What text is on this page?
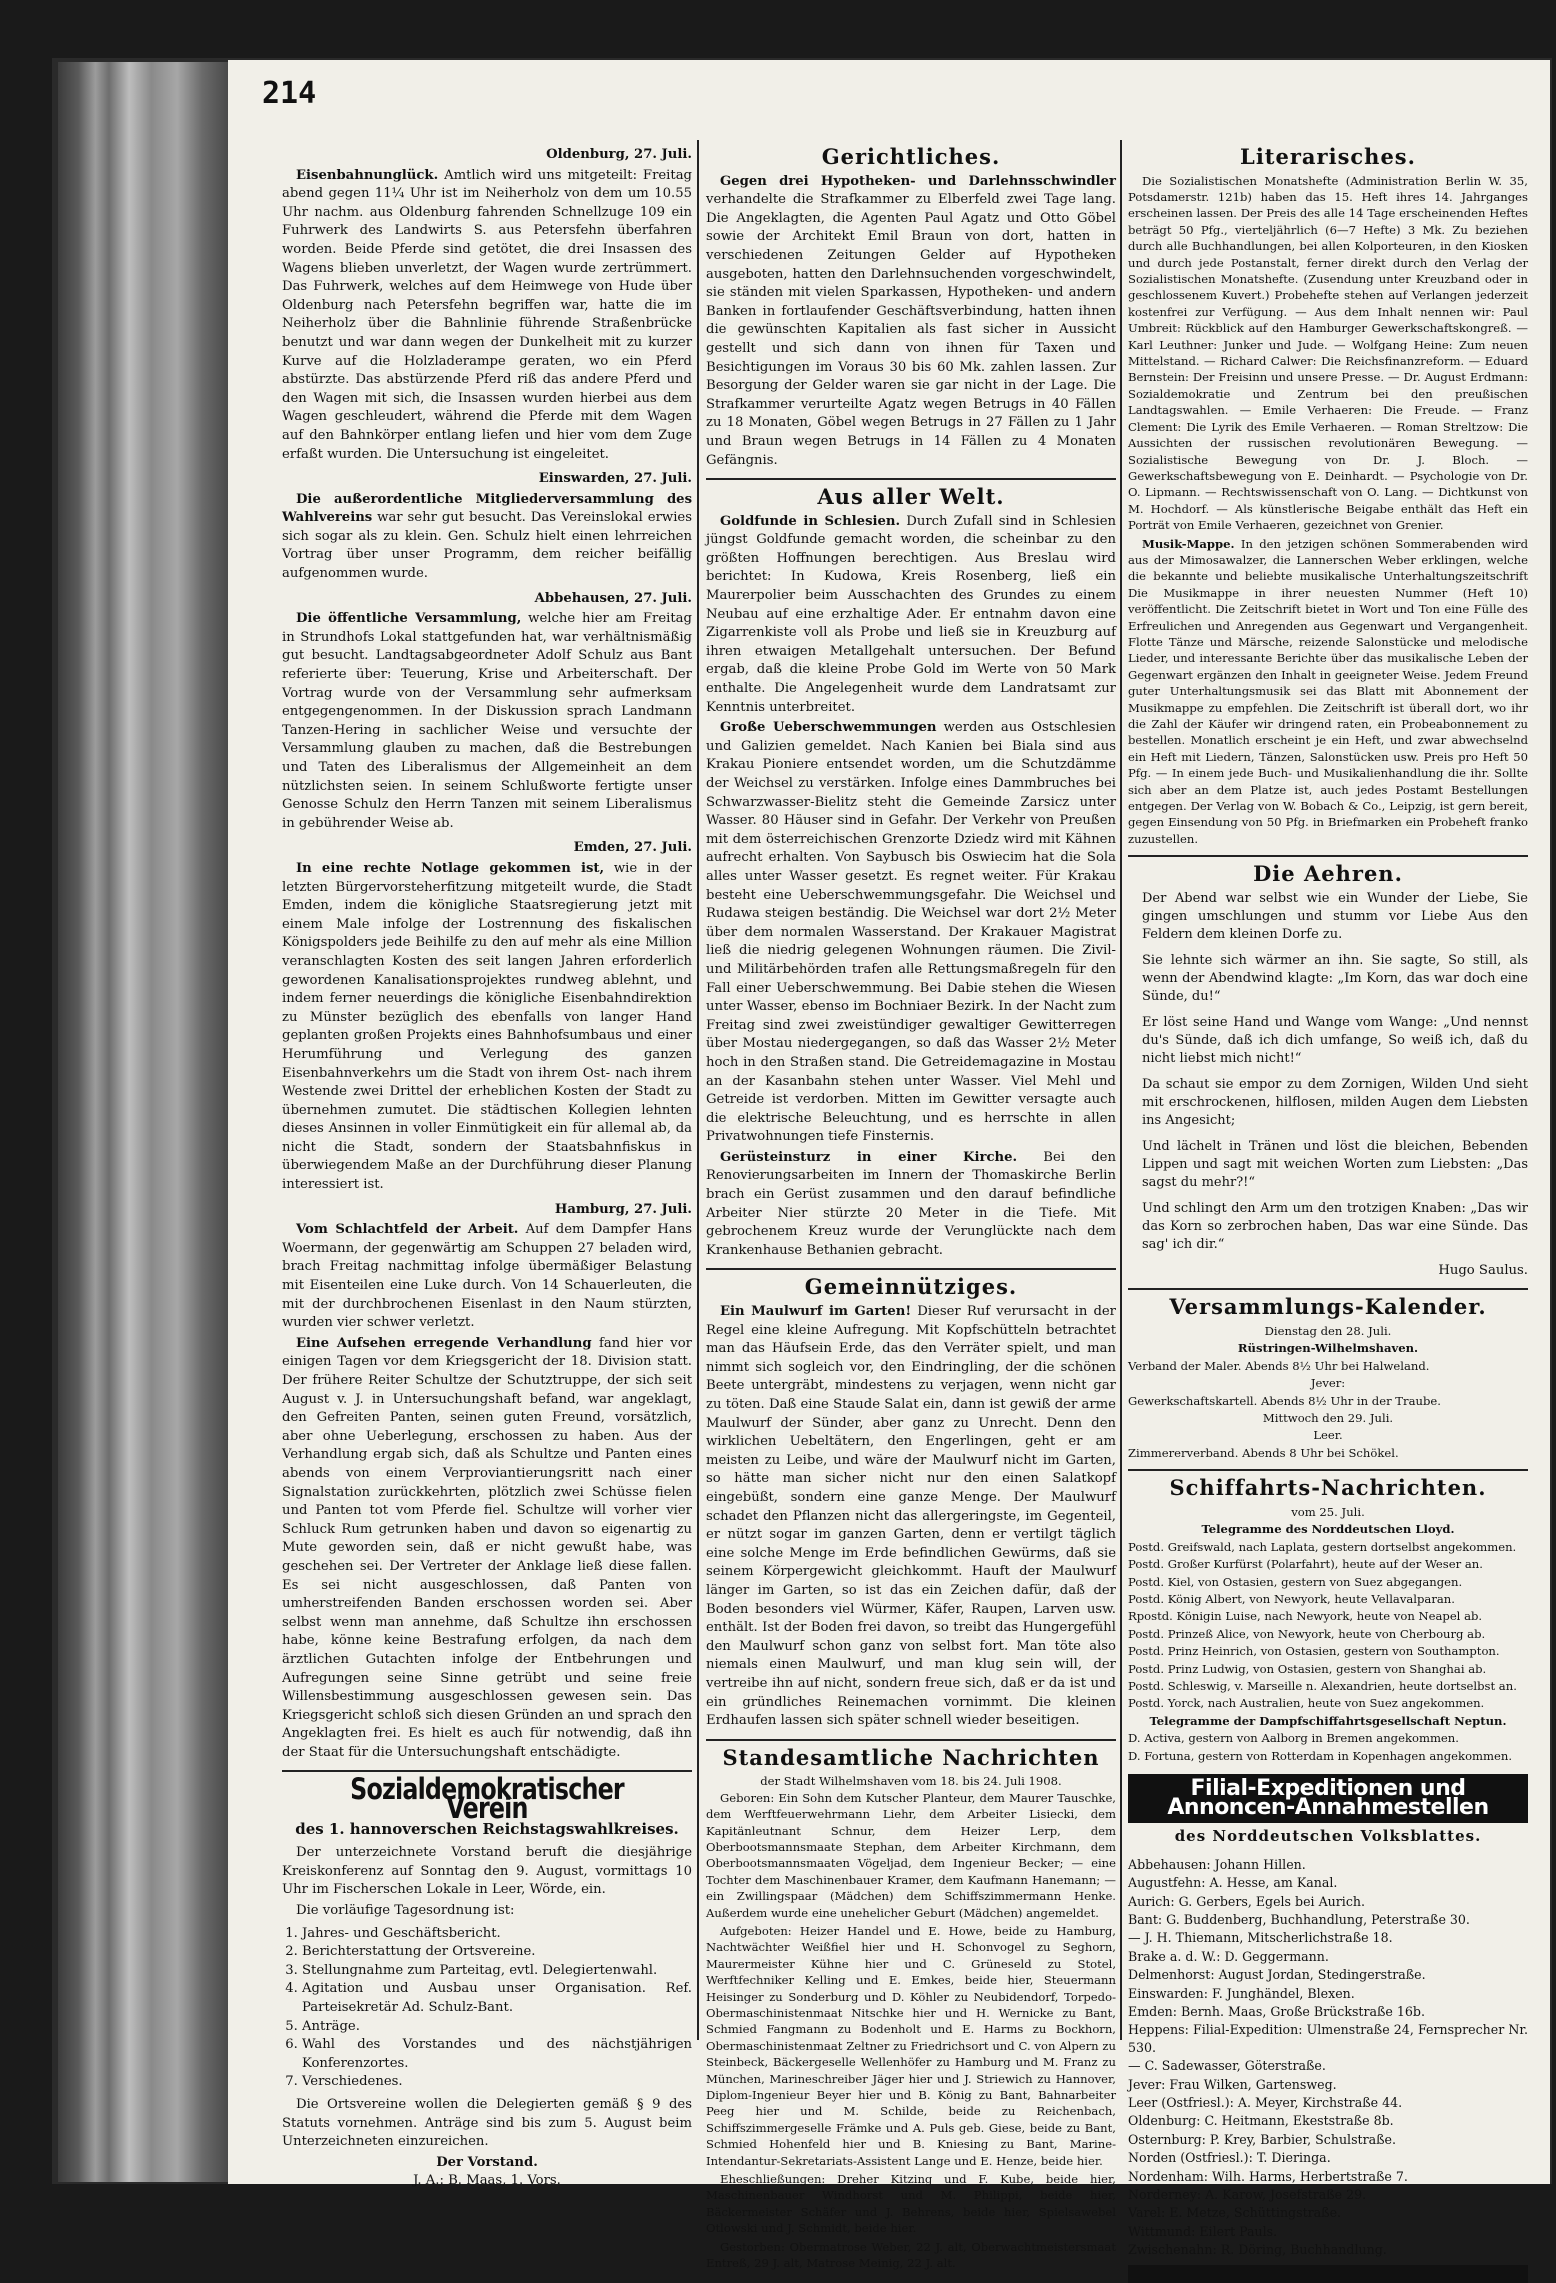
214
Oldenburg, 27. Juli.

Eisenbahnunglück. Amtlich wird uns mitgeteilt: Freitag abend gegen 11¼ Uhr ist im Neiherholz von dem um 10.55 Uhr nachm. aus Oldenburg fahrenden Schnellzuge 109 ein Fuhrwerk des Landwirts S. aus Petersfehn überfahren worden. Beide Pferde sind getötet, die drei Insassen des Wagens blieben unverletzt, der Wagen wurde zertrümmert. Das Fuhrwerk, welches auf dem Heimwege von Hude über Oldenburg nach Petersfehn begriffen war, hatte die im Neiherholz über die Bahnlinie führende Straßenbrücke benutzt und war dann wegen der Dunkelheit mit zu kurzer Kurve auf die Holzladerampe geraten, wo ein Pferd abstürzte. Das abstürzende Pferd riß das andere Pferd und den Wagen mit sich, die Insassen wurden hierbei aus dem Wagen geschleudert, während die Pferde mit dem Wagen auf den Bahnkörper entlang liefen und hier vom dem Zuge erfaßt wurden. Die Untersuchung ist eingeleitet.

Einswarden, 27. Juli.

Die außerordentliche Mitgliederversammlung des Wahlvereins war sehr gut besucht. Das Vereinslokal erwies sich sogar als zu klein. Gen. Schulz hielt einen lehrreichen Vortrag über unser Programm, dem reicher beifällig aufgenommen wurde.

Abbehausen, 27. Juli.

Die öffentliche Versammlung, welche hier am Freitag in Strundhofs Lokal stattgefunden hat, war verhältnismäßig gut besucht. Landtagsabgeordneter Adolf Schulz aus Bant referierte über: Teuerung, Krise und Arbeiterschaft. Der Vortrag wurde von der Versammlung sehr aufmerksam entgegengenommen. In der Diskussion sprach Landmann Tanzen-Hering in sachlicher Weise und versuchte der Versammlung glauben zu machen, daß die Bestrebungen und Taten des Liberalismus der Allgemeinheit an dem nützlichsten seien. In seinem Schlußworte fertigte unser Genosse Schulz den Herrn Tanzen mit seinem Liberalismus in gebührender Weise ab.

Emden, 27. Juli.

In eine rechte Notlage gekommen ist, wie in der letzten Bürgervorsteherfitzung mitgeteilt wurde, die Stadt Emden, indem die königliche Staatsregierung jetzt mit einem Male infolge der Lostrennung des fiskalischen Königspolders jede Beihilfe zu den auf mehr als eine Million veranschlagten Kosten des seit langen Jahren erforderlich gewordenen Kanalisationsprojektes rundweg ablehnt, und indem ferner neuerdings die königliche Eisenbahndirektion zu Münster bezüglich des ebenfalls von langer Hand geplanten großen Projekts eines Bahnhofsumbaus und einer Herumführung und Verlegung des ganzen Eisenbahnverkehrs um die Stadt von ihrem Ost- nach ihrem Westende zwei Drittel der erheblichen Kosten der Stadt zu übernehmen zumutet. Die städtischen Kollegien lehnten dieses Ansinnen in voller Einmütigkeit ein für allemal ab, da nicht die Stadt, sondern der Staatsbahnfiskus in überwiegendem Maße an der Durchführung dieser Planung interessiert ist.

Hamburg, 27. Juli.

Vom Schlachtfeld der Arbeit. Auf dem Dampfer Hans Woermann, der gegenwärtig am Schuppen 27 beladen wird, brach Freitag nachmittag infolge übermäßiger Belastung mit Eisenteilen eine Luke durch. Von 14 Schauerleuten, die mit der durchbrochenen Eisenlast in den Naum stürzten, wurden vier schwer verletzt.

Eine Aufsehen erregende Verhandlung fand hier vor einigen Tagen vor dem Kriegsgericht der 18. Division statt. Der frühere Reiter Schultze der Schutztruppe, der sich seit August v. J. in Untersuchungshaft befand, war angeklagt, den Gefreiten Panten, seinen guten Freund, vorsätzlich, aber ohne Ueberlegung, erschossen zu haben. Aus der Verhandlung ergab sich, daß als Schultze und Panten eines abends von einem Verproviantierungsritt nach einer Signalstation zurückkehrten, plötzlich zwei Schüsse fielen und Panten tot vom Pferde fiel. Schultze will vorher vier Schluck Rum getrunken haben und davon so eigenartig zu Mute geworden sein, daß er nicht gewußt habe, was geschehen sei. Der Vertreter der Anklage ließ diese fallen. Es sei nicht ausgeschlossen, daß Panten von umherstreifenden Banden erschossen worden sei. Aber selbst wenn man annehme, daß Schultze ihn erschossen habe, könne keine Bestrafung erfolgen, da nach dem ärztlichen Gutachten infolge der Entbehrungen und Aufregungen seine Sinne getrübt und seine freie Willensbestimmung ausgeschlossen gewesen sein. Das Kriegsgericht schloß sich diesen Gründen an und sprach den Angeklagten frei. Es hielt es auch für notwendig, daß ihn der Staat für die Untersuchungshaft entschädigte.

Sozialdemokratischer Verein
des 1. hannoverschen Reichstagswahlkreises.

Der unterzeichnete Vorstand beruft die diesjährige Kreiskonferenz auf Sonntag den 9. August, vormittags 10 Uhr im Fischerschen Lokale in Leer, Wörde, ein.

Die vorläufige Tagesordnung ist:

1. Jahres- und Geschäftsbericht.
2. Berichterstattung der Ortsvereine.
3. Stellungnahme zum Parteitag, evtl. Delegiertenwahl.
4. Agitation und Ausbau unser Organisation. Ref. Parteisekretär Ad. Schulz-Bant.
5. Anträge.
6. Wahl des Vorstandes und des nächstjährigen Konferenzortes.
7. Verschiedenes.

Die Ortsvereine wollen die Delegierten gemäß § 9 des Statuts vornehmen. Anträge sind bis zum 5. August beim Unterzeichneten einzureichen.

Der Vorstand.
J. A.: B. Maas, 1. Vors.
Gerichtliches.

Gegen drei Hypotheken- und Darlehnsschwindler verhandelte die Strafkammer zu Elberfeld zwei Tage lang. Die Angeklagten, die Agenten Paul Agatz und Otto Göbel sowie der Architekt Emil Braun von dort, hatten in verschiedenen Zeitungen Gelder auf Hypotheken ausgeboten, hatten den Darlehnsuchenden vorgeschwindelt, sie ständen mit vielen Sparkassen, Hypotheken- und andern Banken in fortlaufender Geschäftsverbindung, hatten ihnen die gewünschten Kapitalien als fast sicher in Aussicht gestellt und sich dann von ihnen für Taxen und Besichtigungen im Voraus 30 bis 60 Mk. zahlen lassen. Zur Besorgung der Gelder waren sie gar nicht in der Lage. Die Strafkammer verurteilte Agatz wegen Betrugs in 40 Fällen zu 18 Monaten, Göbel wegen Betrugs in 27 Fällen zu 1 Jahr und Braun wegen Betrugs in 14 Fällen zu 4 Monaten Gefängnis.

Aus aller Welt.

Goldfunde in Schlesien. Durch Zufall sind in Schlesien jüngst Goldfunde gemacht worden, die scheinbar zu den größten Hoffnungen berechtigen. Aus Breslau wird berichtet: In Kudowa, Kreis Rosenberg, ließ ein Maurerpolier beim Ausschachten des Grundes zu einem Neubau auf eine erzhaltige Ader. Er entnahm davon eine Zigarrenkiste voll als Probe und ließ sie in Kreuzburg auf ihren etwaigen Metallgehalt untersuchen. Der Befund ergab, daß die kleine Probe Gold im Werte von 50 Mark enthalte. Die Angelegenheit wurde dem Landratsamt zur Kenntnis unterbreitet.

Große Ueberschwemmungen werden aus Ostschlesien und Galizien gemeldet. Nach Kanien bei Biala sind aus Krakau Pioniere entsendet worden, um die Schutzdämme der Weichsel zu verstärken. Infolge eines Dammbruches bei Schwarzwasser-Bielitz steht die Gemeinde Zarsicz unter Wasser. 80 Häuser sind in Gefahr. Der Verkehr von Preußen mit dem österreichischen Grenzorte Dziedz wird mit Kähnen aufrecht erhalten. Von Saybusch bis Oswiecim hat die Sola alles unter Wasser gesetzt. Es regnet weiter. Für Krakau besteht eine Ueberschwemmungsgefahr. Die Weichsel und Rudawa steigen beständig. Die Weichsel war dort 2½ Meter über dem normalen Wasserstand. Der Krakauer Magistrat ließ die niedrig gelegenen Wohnungen räumen. Die Zivil- und Militärbehörden trafen alle Rettungsmaßregeln für den Fall einer Ueberschwemmung. Bei Dabie stehen die Wiesen unter Wasser, ebenso im Bochniaer Bezirk. In der Nacht zum Freitag sind zwei zweistündiger gewaltiger Gewitterregen über Mostau niedergegangen, so daß das Wasser 2½ Meter hoch in den Straßen stand. Die Getreidemagazine in Mostau an der Kasanbahn stehen unter Wasser. Viel Mehl und Getreide ist verdorben. Mitten im Gewitter versagte auch die elektrische Beleuchtung, und es herrschte in allen Privatwohnungen tiefe Finsternis.

Gerüsteinsturz in einer Kirche. Bei den Renovierungsarbeiten im Innern der Thomaskirche Berlin brach ein Gerüst zusammen und den darauf befindliche Arbeiter Nier stürzte 20 Meter in die Tiefe. Mit gebrochenem Kreuz wurde der Verunglückte nach dem Krankenhause Bethanien gebracht.

Gemeinnütziges.

Ein Maulwurf im Garten! Dieser Ruf verursacht in der Regel eine kleine Aufregung. Mit Kopfschütteln betrachtet man das Häufsein Erde, das den Verräter spielt, und man nimmt sich sogleich vor, den Eindringling, der die schönen Beete untergräbt, mindestens zu verjagen, wenn nicht gar zu töten. Daß eine Staude Salat ein, dann ist gewiß der arme Maulwurf der Sünder, aber ganz zu Unrecht. Denn den wirklichen Uebeltätern, den Engerlingen, geht er am meisten zu Leibe, und wäre der Maulwurf nicht im Garten, so hätte man sicher nicht nur den einen Salatkopf eingebüßt, sondern eine ganze Menge. Der Maulwurf schadet den Pflanzen nicht das allergeringste, im Gegenteil, er nützt sogar im ganzen Garten, denn er vertilgt täglich eine solche Menge im Erde befindlichen Gewürms, daß sie seinem Körpergewicht gleichkommt. Hauft der Maulwurf länger im Garten, so ist das ein Zeichen dafür, daß der Boden besonders viel Würmer, Käfer, Raupen, Larven usw. enthält. Ist der Boden frei davon, so treibt das Hungergefühl den Maulwurf schon ganz von selbst fort. Man töte also niemals einen Maulwurf, und man klug sein will, der vertreibe ihn auf nicht, sondern freue sich, daß er da ist und ein gründliches Reinemachen vornimmt. Die kleinen Erdhaufen lassen sich später schnell wieder beseitigen.

Standesamtliche Nachrichten
der Stadt Wilhelmshaven vom 18. bis 24. Juli 1908.

Geboren: Ein Sohn dem Kutscher Planteur, dem Maurer Tauschke, dem Werftfeuerwehrmann Liehr, dem Arbeiter Lisiecki, dem Kapitänleutnant Schnur, dem Heizer Lerp, dem Oberbootsmannsmaate Stephan, dem Arbeiter Kirchmann, dem Oberbootsmannsmaaten Vögeljad, dem Ingenieur Becker; — eine Tochter dem Maschinenbauer Kramer, dem Kaufmann Hanemann; — ein Zwillingspaar (Mädchen) dem Schiffszimmermann Henke. Außerdem wurde eine unehelicher Geburt (Mädchen) angemeldet.

Aufgeboten: Heizer Handel und E. Howe, beide zu Hamburg, Nachtwächter Weißfiel hier und H. Schonvogel zu Seghorn, Maurermeister Kühne hier und C. Grüneseld zu Stotel, Werftfechniker Kelling und E. Emkes, beide hier, Steuermann Heisinger zu Sonderburg und D. Köhler zu Neubidendorf, Torpedo-Obermaschinistenmaat Nitschke hier und H. Wernicke zu Bant, Schmied Fangmann zu Bodenholt und E. Harms zu Bockhorn, Obermaschinistenmaat Zeltner zu Friedrichsort und C. von Alpern zu Steinbeck, Bäckergeselle Wellenhöfer zu Hamburg und M. Franz zu München, Marineschreiber Jäger hier und J. Striewich zu Hannover, Diplom-Ingenieur Beyer hier und B. König zu Bant, Bahnarbeiter Peeg hier und M. Schilde, beide zu Reichenbach, Schiffszimmergeselle Främke und A. Puls geb. Giese, beide zu Bant, Schmied Hohenfeld hier und B. Kniesing zu Bant, Marine-Intendantur-Sekretariats-Assistent Lange und E. Henze, beide hier.

Eheschließungen: Dreher Kitzing und F. Kube, beide hier, Maschinenbauer Windhorst und M. Philippi, beide hier, Bäckermeister Schäfer und J. Behrens, beide hier, Spielsawebel Otlowski und J. Schmidt, beide hier.

Gestorben: Obermatrose Weber, 22 J. alt, Oberwachtmeistersmaat Entreß, 29 J. alt, Matrose Meinig, 22 J. alt.

Literarisches.

Die Sozialistischen Monatshefte (Administration Berlin W. 35, Potsdamerstr. 121b) haben das 15. Heft ihres 14. Jahrganges erscheinen lassen. Der Preis des alle 14 Tage erscheinenden Heftes beträgt 50 Pfg., vierteljährlich (6—7 Hefte) 3 Mk. Zu beziehen durch alle Buchhandlungen, bei allen Kolporteuren, in den Kiosken und durch jede Postanstalt, ferner direkt durch den Verlag der Sozialistischen Monatshefte. (Zusendung unter Kreuzband oder in geschlossenem Kuvert.) Probehefte stehen auf Verlangen jederzeit kostenfrei zur Verfügung. — Aus dem Inhalt nennen wir: Paul Umbreit: Rückblick auf den Hamburger Gewerkschaftskongreß. — Karl Leuthner: Junker und Jude. — Wolfgang Heine: Zum neuen Mittelstand. — Richard Calwer: Die Reichsfinanzreform. — Eduard Bernstein: Der Freisinn und unsere Presse. — Dr. August Erdmann: Sozialdemokratie und Zentrum bei den preußischen Landtagswahlen. — Emile Verhaeren: Die Freude. — Franz Clement: Die Lyrik des Emile Verhaeren. — Roman Streltzow: Die Aussichten der russischen revolutionären Bewegung. — Sozialistische Bewegung von Dr. J. Bloch. — Gewerkschaftsbewegung von E. Deinhardt. — Psychologie von Dr. O. Lipmann. — Rechtswissenschaft von O. Lang. — Dichtkunst von M. Hochdorf. — Als künstlerische Beigabe enthält das Heft ein Porträt von Emile Verhaeren, gezeichnet von Grenier.

Musik-Mappe. In den jetzigen schönen Sommerabenden wird aus der Mimosawalzer, die Lannerschen Weber erklingen, welche die bekannte und beliebte musikalische Unterhaltungszeitschrift Die Musikmappe in ihrer neuesten Nummer (Heft 10) veröffentlicht. Die Zeitschrift bietet in Wort und Ton eine Fülle des Erfreulichen und Anregenden aus Gegenwart und Vergangenheit. Flotte Tänze und Märsche, reizende Salonstücke und melodische Lieder, und interessante Berichte über das musikalische Leben der Gegenwart ergänzen den Inhalt in geeigneter Weise. Jedem Freund guter Unterhaltungsmusik sei das Blatt mit Abonnement der Musikmappe zu empfehlen. Die Zeitschrift ist überall dort, wo ihr die Zahl der Käufer wir dringend raten, ein Probeabonnement zu bestellen. Monatlich erscheint je ein Heft, und zwar abwechselnd ein Heft mit Liedern, Tänzen, Salonstücken usw. Preis pro Heft 50 Pfg. — In einem jede Buch- und Musikalienhandlung die ihr. Sollte sich aber an dem Platze ist, auch jedes Postamt Bestellungen entgegen. Der Verlag von W. Bobach & Co., Leipzig, ist gern bereit, gegen Einsendung von 50 Pfg. in Briefmarken ein Probeheft franko zuzustellen.

Die Aehren.

Der Abend war selbst wie ein Wunder der Liebe, Sie gingen umschlungen und stumm vor Liebe Aus den Feldern dem kleinen Dorfe zu.

Sie lehnte sich wärmer an ihn. Sie sagte, So still, als wenn der Abendwind klagte: „Im Korn, das war doch eine Sünde, du!“

Er löst seine Hand und Wange vom Wange: „Und nennst du's Sünde, daß ich dich umfange, So weiß ich, daß du nicht liebst mich nicht!“

Da schaut sie empor zu dem Zornigen, Wilden Und sieht mit erschrockenen, hilflosen, milden Augen dem Liebsten ins Angesicht;

Und lächelt in Tränen und löst die bleichen, Bebenden Lippen und sagt mit weichen Worten zum Liebsten: „Das sagst du mehr?!“

Und schlingt den Arm um den trotzigen Knaben: „Das wir das Korn so zerbrochen haben, Das war eine Sünde. Das sag' ich dir.“

Hugo Saulus.
Versammlungs-Kalender.

Dienstag den 28. Juli.

Rüstringen-Wilhelmshaven.

Verband der Maler. Abends 8½ Uhr bei Halweland.

Jever:

Gewerkschaftskartell. Abends 8½ Uhr in der Traube.

Mittwoch den 29. Juli.

Leer.

Zimmererverband. Abends 8 Uhr bei Schökel.

Schiffahrts-Nachrichten.

vom 25. Juli.

Telegramme des Norddeutschen Lloyd.

Postd. Greifswald, nach Laplata, gestern dortselbst angekommen.

Postd. Großer Kurfürst (Polarfahrt), heute auf der Weser an.

Postd. Kiel, von Ostasien, gestern von Suez abgegangen.

Postd. König Albert, von Newyork, heute Vellavalparan.

Rpostd. Königin Luise, nach Newyork, heute von Neapel ab.

Postd. Prinzeß Alice, von Newyork, heute von Cherbourg ab.

Postd. Prinz Heinrich, von Ostasien, gestern von Southampton.

Postd. Prinz Ludwig, von Ostasien, gestern von Shanghai ab.

Postd. Schleswig, v. Marseille n. Alexandrien, heute dortselbst an.

Postd. Yorck, nach Australien, heute von Suez angekommen.

Telegramme der Dampfschiffahrtsgesellschaft Neptun.

D. Activa, gestern von Aalborg in Bremen angekommen.

D. Fortuna, gestern von Rotterdam in Kopenhagen angekommen.

Filial-Expeditionen und Annoncen-Annahmestellen
des Norddeutschen Volksblattes.

Abbehausen: Johann Hillen.

Augustfehn: A. Hesse, am Kanal.

Aurich: G. Gerbers, Egels bei Aurich.

Bant: G. Buddenberg, Buchhandlung, Peterstraße 30.

— J. H. Thiemann, Mitscherlichstraße 18.

Brake a. d. W.: D. Geggermann.

Delmenhorst: August Jordan, Stedingerstraße.

Einswarden: F. Junghändel, Blexen.

Emden: Bernh. Maas, Große Brückstraße 16b.

Heppens: Filial-Expedition: Ulmenstraße 24, Fernsprecher Nr. 530.

— C. Sadewasser, Göterstraße.

Jever: Frau Wilken, Gartensweg.

Leer (Ostfriesl.): A. Meyer, Kirchstraße 44.

Oldenburg: C. Heitmann, Ekeststraße 8b.

Osternburg: P. Krey, Barbier, Schulstraße.

Norden (Ostfriesl.): T. Dieringa.

Nordenham: Wilh. Harms, Herbertstraße 7.

Norderney: A. Karow, Josefstraße 29.

Varel: E. Metze, Schüttingstraße.

Wittmund: Eilert Pauls.

Zwischenahn: R. Döring, Buchhandlung.
